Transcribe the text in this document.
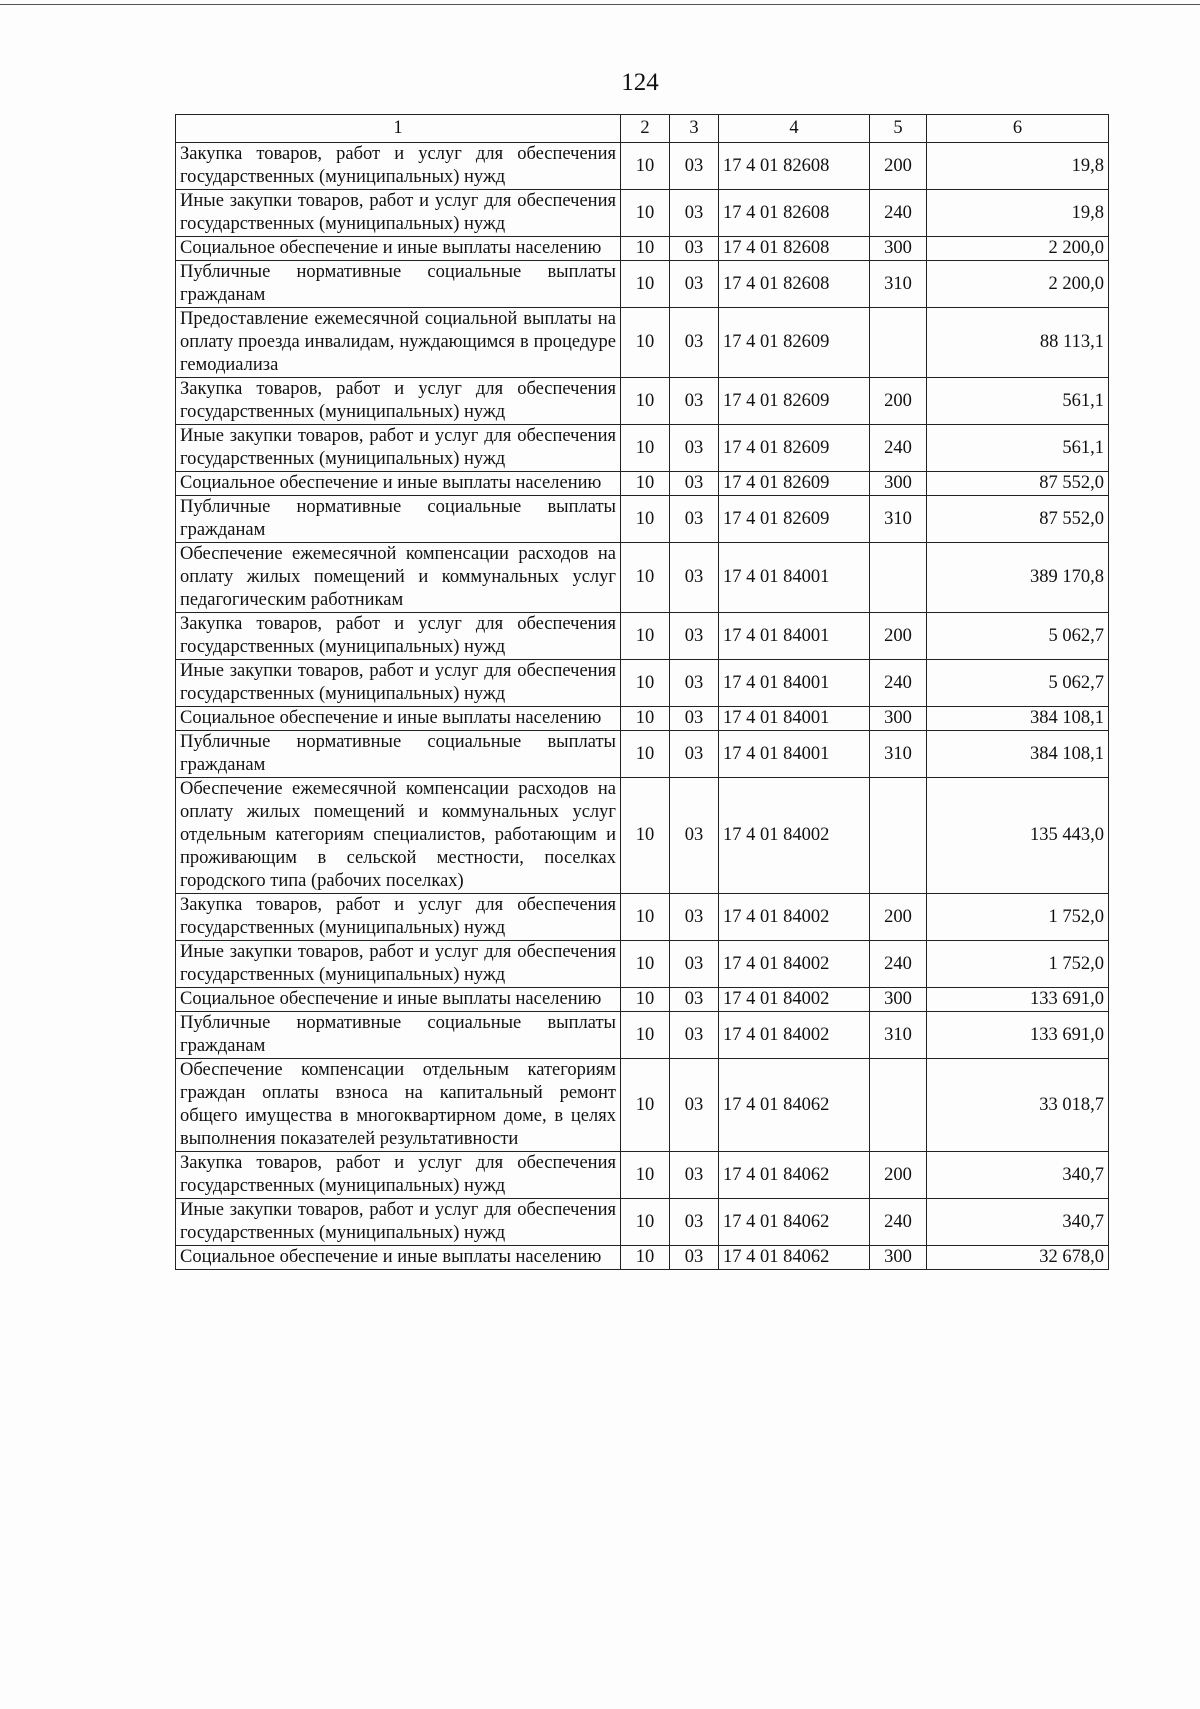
124
1	2	3	4	5	6
Закупка товаров, работ и услуг для обеспечения государственных (муниципальных) нужд	10	03	17 4 01 82608	200	19,8
Иные закупки товаров, работ и услуг для обеспечения государственных (муниципальных) нужд	10	03	17 4 01 82608	240	19,8
Социальное обеспечение и иные выплаты населению	10	03	17 4 01 82608	300	2 200,0
Публичные нормативные социальные выплаты гражданам	10	03	17 4 01 82608	310	2 200,0
Предоставление ежемесячной социальной выплаты на оплату проезда инвалидам, нуждающимся в процедуре гемодиализа	10	03	17 4 01 82609		88 113,1
Закупка товаров, работ и услуг для обеспечения государственных (муниципальных) нужд	10	03	17 4 01 82609	200	561,1
Иные закупки товаров, работ и услуг для обеспечения государственных (муниципальных) нужд	10	03	17 4 01 82609	240	561,1
Социальное обеспечение и иные выплаты населению	10	03	17 4 01 82609	300	87 552,0
Публичные нормативные социальные выплаты гражданам	10	03	17 4 01 82609	310	87 552,0
Обеспечение ежемесячной компенсации расходов на оплату жилых помещений и коммунальных услуг педагогическим работникам	10	03	17 4 01 84001		389 170,8
Закупка товаров, работ и услуг для обеспечения государственных (муниципальных) нужд	10	03	17 4 01 84001	200	5 062,7
Иные закупки товаров, работ и услуг для обеспечения государственных (муниципальных) нужд	10	03	17 4 01 84001	240	5 062,7
Социальное обеспечение и иные выплаты населению	10	03	17 4 01 84001	300	384 108,1
Публичные нормативные социальные выплаты гражданам	10	03	17 4 01 84001	310	384 108,1
Обеспечение ежемесячной компенсации расходов на оплату жилых помещений и коммунальных услуг отдельным категориям специалистов, работающим и проживающим в сельской местности, поселках городского типа (рабочих поселках)	10	03	17 4 01 84002		135 443,0
Закупка товаров, работ и услуг для обеспечения государственных (муниципальных) нужд	10	03	17 4 01 84002	200	1 752,0
Иные закупки товаров, работ и услуг для обеспечения государственных (муниципальных) нужд	10	03	17 4 01 84002	240	1 752,0
Социальное обеспечение и иные выплаты населению	10	03	17 4 01 84002	300	133 691,0
Публичные нормативные социальные выплаты гражданам	10	03	17 4 01 84002	310	133 691,0
Обеспечение компенсации отдельным категориям граждан оплаты взноса на капитальный ремонт общего имущества в многоквартирном доме, в целях выполнения показателей результативности	10	03	17 4 01 84062		33 018,7
Закупка товаров, работ и услуг для обеспечения государственных (муниципальных) нужд	10	03	17 4 01 84062	200	340,7
Иные закупки товаров, работ и услуг для обеспечения государственных (муниципальных) нужд	10	03	17 4 01 84062	240	340,7
Социальное обеспечение и иные выплаты населению	10	03	17 4 01 84062	300	32 678,0
